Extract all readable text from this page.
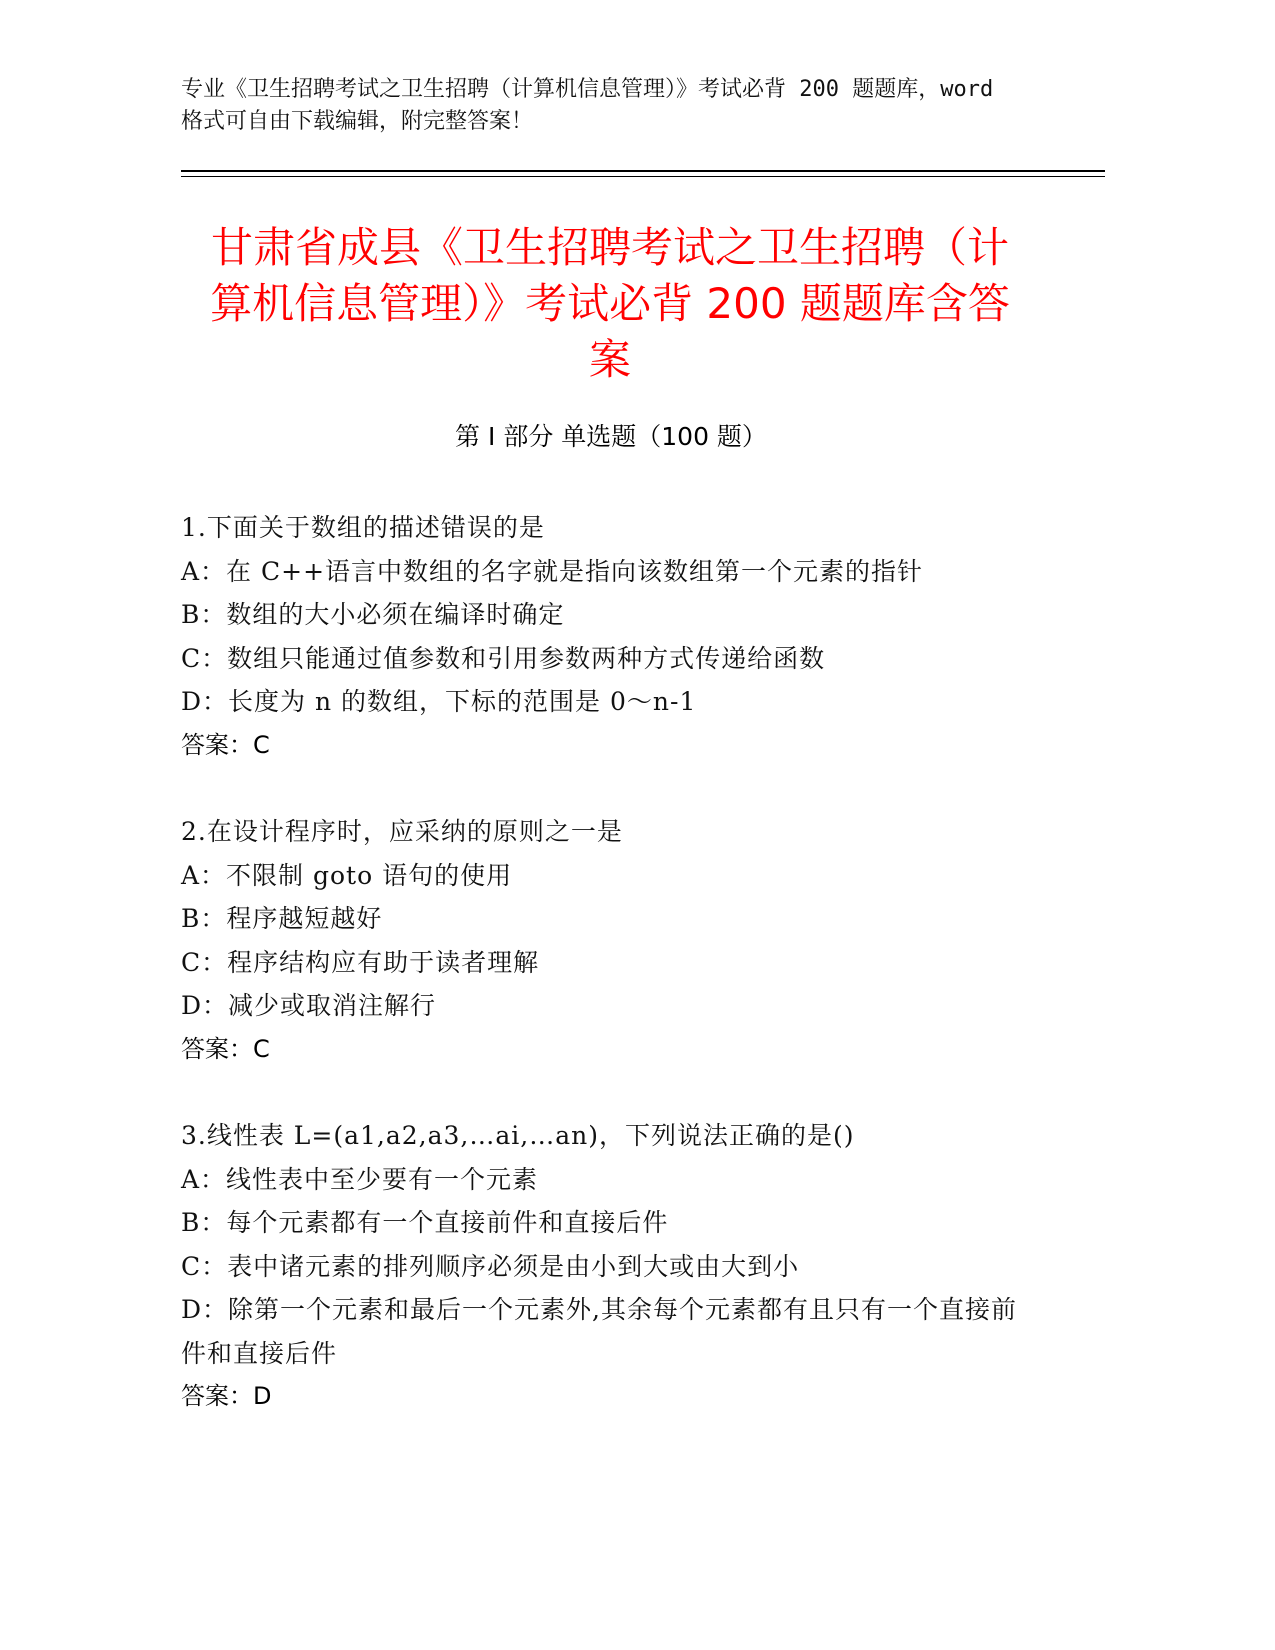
专业《卫生招聘考试之卫生招聘（计算机信息管理）》考试必背 200 题题库，word
格式可自由下载编辑，附完整答案！
甘肃省成县《卫生招聘考试之卫生招聘（计
算机信息管理）》考试必背 200 题题库含答
案
第 I 部分 单选题（100 题）
1.下面关于数组的描述错误的是
A：在 C++语言中数组的名字就是指向该数组第一个元素的指针
B：数组的大小必须在编译时确定
C：数组只能通过值参数和引用参数两种方式传递给函数
D：长度为 n 的数组，下标的范围是 0～n-1
答案：C
2.在设计程序时，应采纳的原则之一是
A：不限制 goto 语句的使用
B：程序越短越好
C：程序结构应有助于读者理解
D：减少或取消注解行
答案：C
3.线性表 L=(a1,a2,a3,…ai,…an)，下列说法正确的是()
A：线性表中至少要有一个元素
B：每个元素都有一个直接前件和直接后件
C：表中诸元素的排列顺序必须是由小到大或由大到小
D：除第一个元素和最后一个元素外,其余每个元素都有且只有一个直接前件和直接后件
答案：D
